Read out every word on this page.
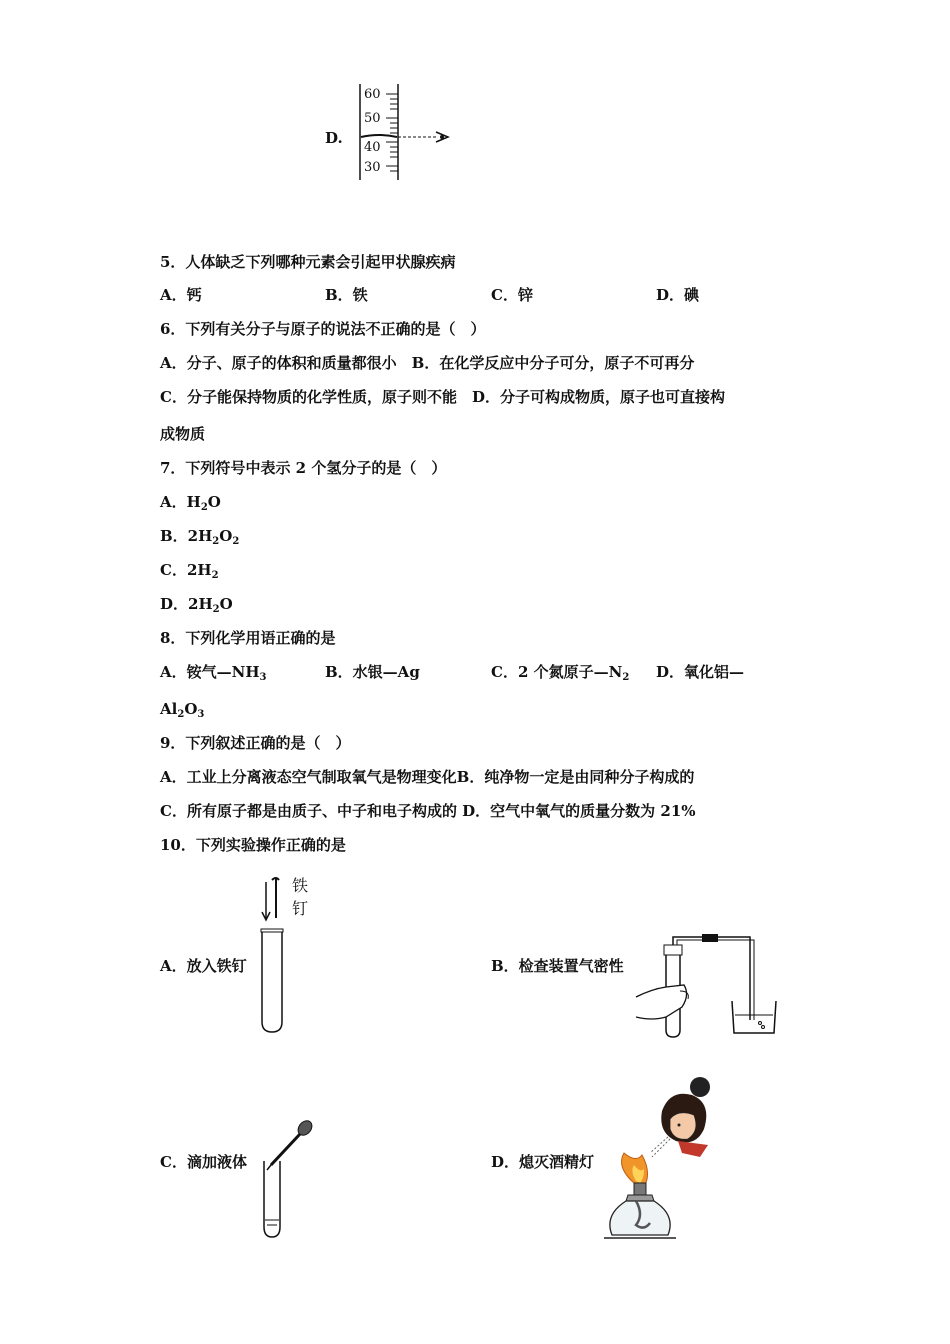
D.
60
50
40
30
5．人体缺乏下列哪种元素会引起甲状腺疾病
A．钙	B．铁	C．锌	D．碘
6．下列有关分子与原子的说法不正确的是（　）
A．分子、原子的体积和质量都很小　B．在化学反应中分子可分，原子不可再分
C．分子能保持物质的化学性质，原子则不能　D．分子可构成物质，原子也可直接构
成物质
7．下列符号中表示 2 个氢分子的是（　）
A．$H_2O$
B．$2H_2O_2$
C．$2H_2$
D．$2H_2O$
8．下列化学用语正确的是
A．铵气$—NH_3$	B．水银—Ag	C．2 个氮原子$—N_2$ D．氧化铝—
$Al_2O_3$
9．下列叙述正确的是（　）
A．工业上分离液态空气制取氧气是物理变化B．纯净物一定是由同种分子构成的
C．所有原子都是由质子、中子和电子构成的 D．空气中氧气的质量分数为 21%
10．下列实验操作正确的是
A．放入铁钉
铁
钉
B．检查装置气密性
C．滴加液体	D．熄灭酒精灯
